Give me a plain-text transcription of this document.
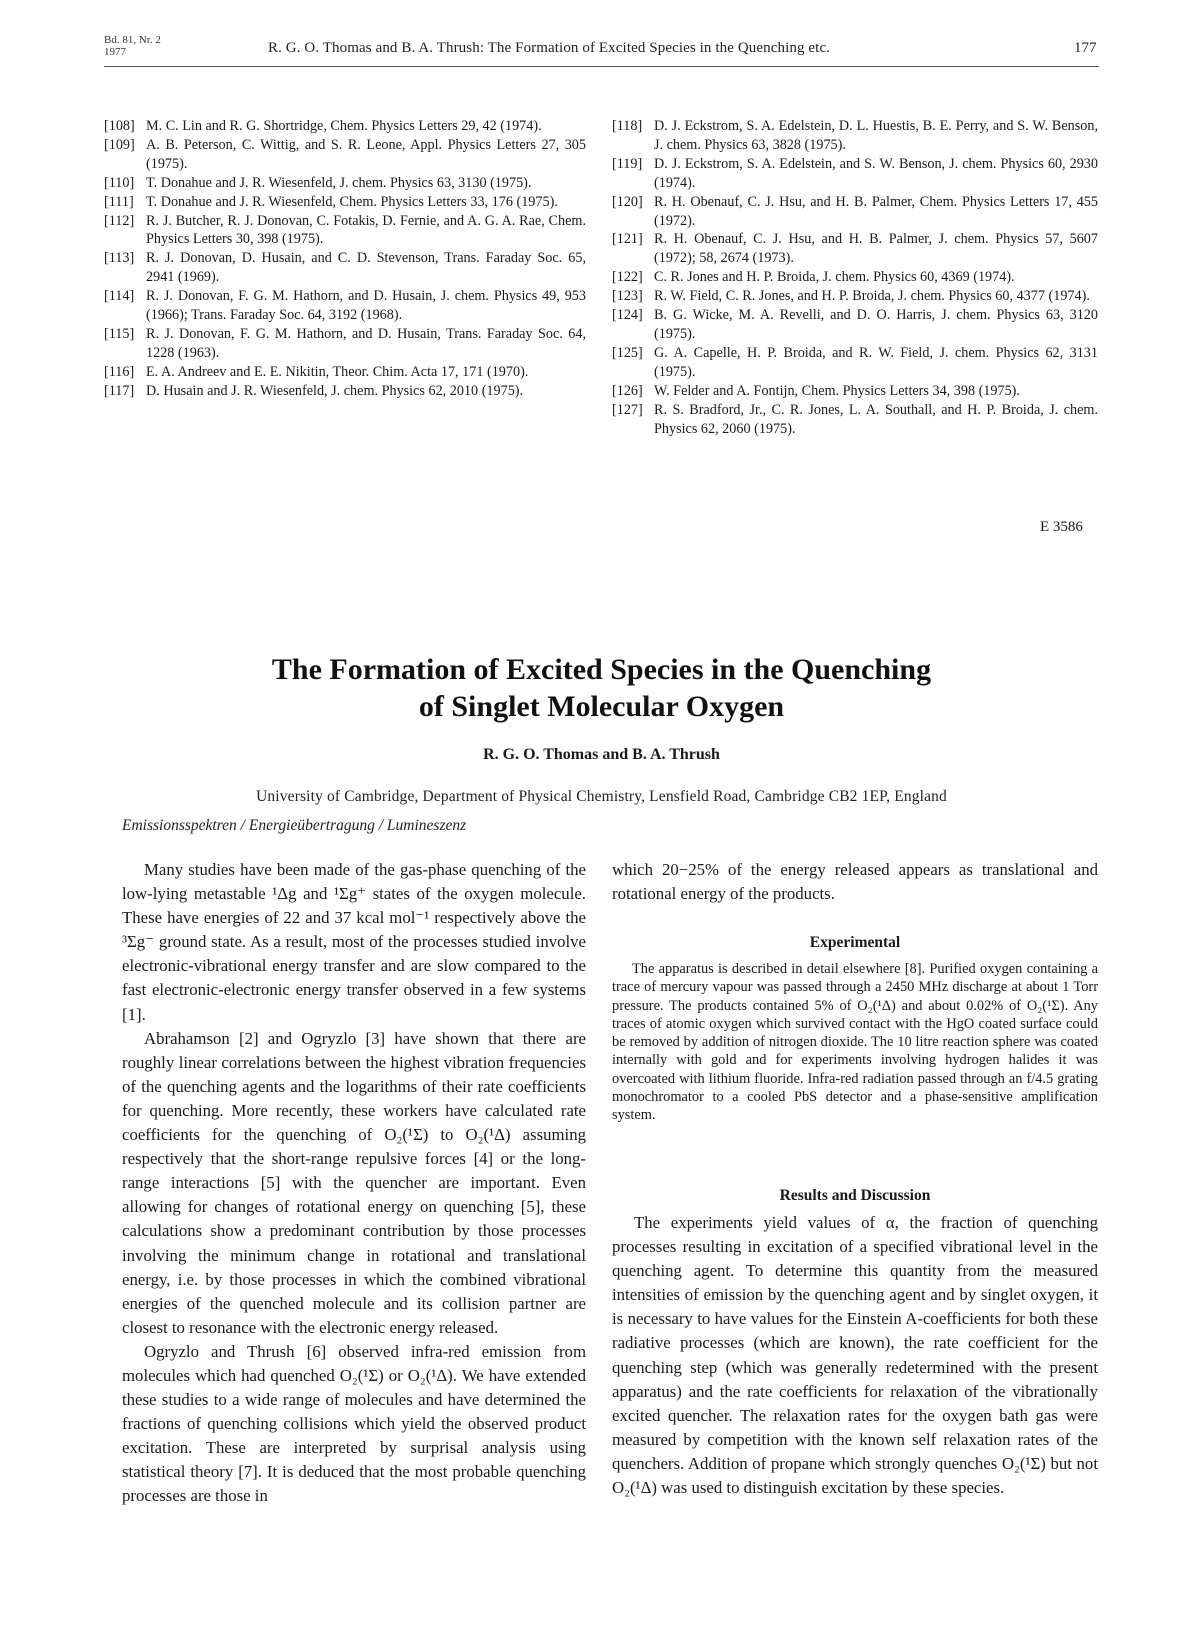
Bd. 81, Nr. 2
1977	R. G. O. Thomas and B. A. Thrush: The Formation of Excited Species in the Quenching etc.	177
[108] M. C. Lin and R. G. Shortridge, Chem. Physics Letters 29, 42 (1974).
[109] A. B. Peterson, C. Wittig, and S. R. Leone, Appl. Physics Letters 27, 305 (1975).
[110] T. Donahue and J. R. Wiesenfeld, J. chem. Physics 63, 3130 (1975).
[111] T. Donahue and J. R. Wiesenfeld, Chem. Physics Letters 33, 176 (1975).
[112] R. J. Butcher, R. J. Donovan, C. Fotakis, D. Fernie, and A. G. A. Rae, Chem. Physics Letters 30, 398 (1975).
[113] R. J. Donovan, D. Husain, and C. D. Stevenson, Trans. Faraday Soc. 65, 2941 (1969).
[114] R. J. Donovan, F. G. M. Hathorn, and D. Husain, J. chem. Physics 49, 953 (1966); Trans. Faraday Soc. 64, 3192 (1968).
[115] R. J. Donovan, F. G. M. Hathorn, and D. Husain, Trans. Faraday Soc. 64, 1228 (1963).
[116] E. A. Andreev and E. E. Nikitin, Theor. Chim. Acta 17, 171 (1970).
[117] D. Husain and J. R. Wiesenfeld, J. chem. Physics 62, 2010 (1975).
[118] D. J. Eckstrom, S. A. Edelstein, D. L. Huestis, B. E. Perry, and S. W. Benson, J. chem. Physics 63, 3828 (1975).
[119] D. J. Eckstrom, S. A. Edelstein, and S. W. Benson, J. chem. Physics 60, 2930 (1974).
[120] R. H. Obenauf, C. J. Hsu, and H. B. Palmer, Chem. Physics Letters 17, 455 (1972).
[121] R. H. Obenauf, C. J. Hsu, and H. B. Palmer, J. chem. Physics 57, 5607 (1972); 58, 2674 (1973).
[122] C. R. Jones and H. P. Broida, J. chem. Physics 60, 4369 (1974).
[123] R. W. Field, C. R. Jones, and H. P. Broida, J. chem. Physics 60, 4377 (1974).
[124] B. G. Wicke, M. A. Revelli, and D. O. Harris, J. chem. Physics 63, 3120 (1975).
[125] G. A. Capelle, H. P. Broida, and R. W. Field, J. chem. Physics 62, 3131 (1975).
[126] W. Felder and A. Fontijn, Chem. Physics Letters 34, 398 (1975).
[127] R. S. Bradford, Jr., C. R. Jones, L. A. Southall, and H. P. Broida, J. chem. Physics 62, 2060 (1975).
E 3586
The Formation of Excited Species in the Quenching
of Singlet Molecular Oxygen
R. G. O. Thomas and B. A. Thrush
University of Cambridge, Department of Physical Chemistry, Lensfield Road, Cambridge CB2 1EP, England
Emissionsspektren / Energieübertragung / Lumineszenz

Many studies have been made of the gas-phase quenching of the low-lying metastable ¹Δg and ¹Σg⁺ states of the oxygen molecule. These have energies of 22 and 37 kcal mol⁻¹ respectively above the ³Σg⁻ ground state. As a result, most of the processes studied involve electronic-vibrational energy transfer and are slow compared to the fast electronic-electronic energy transfer observed in a few systems [1].

Abrahamson [2] and Ogryzlo [3] have shown that there are roughly linear correlations between the highest vibration frequencies of the quenching agents and the logarithms of their rate coefficients for quenching. More recently, these workers have calculated rate coefficients for the quenching of O₂(¹Σ) to O₂(¹Δ) assuming respectively that the short-range repulsive forces [4] or the long-range interactions [5] with the quencher are important. Even allowing for changes of rotational energy on quenching [5], these calculations show a predominant contribution by those processes involving the minimum change in rotational and translational energy, i.e. by those processes in which the combined vibrational energies of the quenched molecule and its collision partner are closest to resonance with the electronic energy released.

Ogryzlo and Thrush [6] observed infra-red emission from molecules which had quenched O₂(¹Σ) or O₂(¹Δ). We have extended these studies to a wide range of molecules and have determined the fractions of quenching collisions which yield the observed product excitation. These are interpreted by surprisal analysis using statistical theory [7]. It is deduced that the most probable quenching processes are those in

which 20−25% of the energy released appears as translational and rotational energy of the products.

Experimental

The apparatus is described in detail elsewhere [8]. Purified oxygen containing a trace of mercury vapour was passed through a 2450 MHz discharge at about 1 Torr pressure. The products contained 5% of O₂(¹Δ) and about 0.02% of O₂(¹Σ). Any traces of atomic oxygen which survived contact with the HgO coated surface could be removed by addition of nitrogen dioxide. The 10 litre reaction sphere was coated internally with gold and for experiments involving hydrogen halides it was overcoated with lithium fluoride. Infra-red radiation passed through an f/4.5 grating monochromator to a cooled PbS detector and a phase-sensitive amplification system.

Results and Discussion

The experiments yield values of α, the fraction of quenching processes resulting in excitation of a specified vibrational level in the quenching agent. To determine this quantity from the measured intensities of emission by the quenching agent and by singlet oxygen, it is necessary to have values for the Einstein A-coefficients for both these radiative processes (which are known), the rate coefficient for the quenching step (which was generally redetermined with the present apparatus) and the rate coefficients for relaxation of the vibrationally excited quencher. The relaxation rates for the oxygen bath gas were measured by competition with the known self relaxation rates of the quenchers. Addition of propane which strongly quenches O₂(¹Σ) but not O₂(¹Δ) was used to distinguish excitation by these species.
